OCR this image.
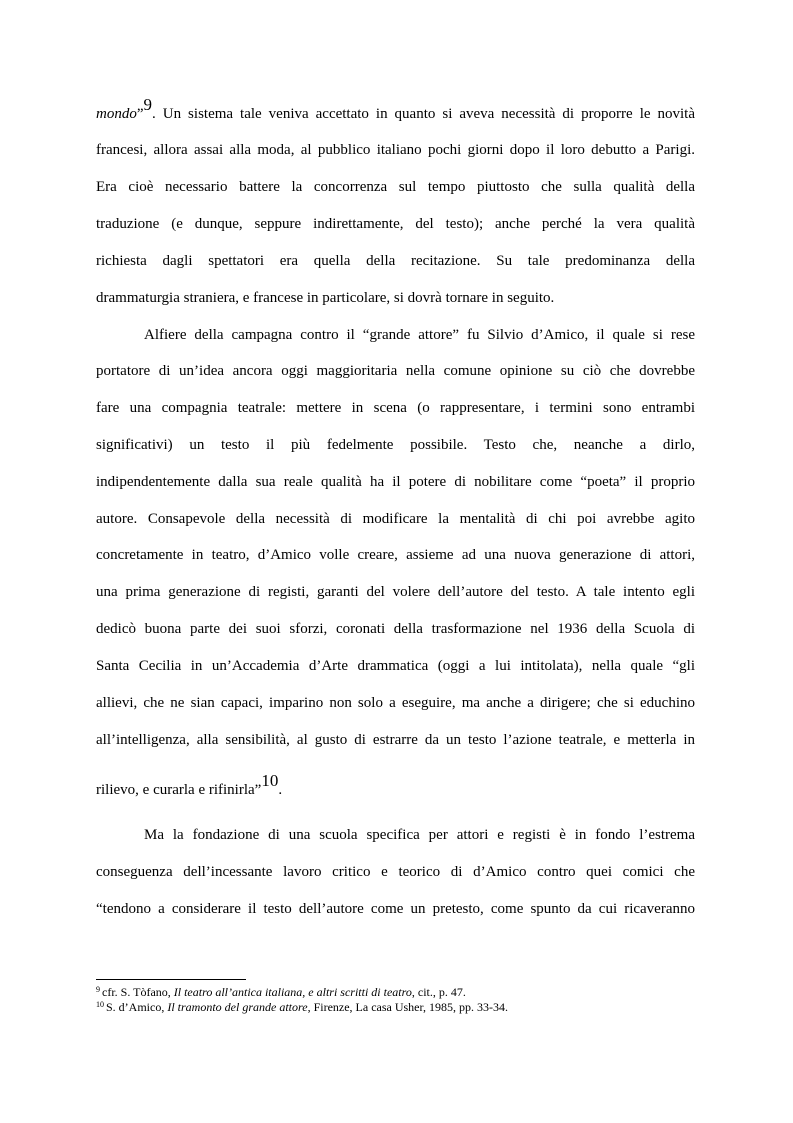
mondo”9. Un sistema tale veniva accettato in quanto si aveva necessità di proporre le novità
francesi, allora assai alla moda, al pubblico italiano pochi giorni dopo il loro debutto a Parigi.
Era cioè necessario battere la concorrenza sul tempo piuttosto che sulla qualità della
traduzione (e dunque, seppure indirettamente, del testo); anche perché la vera qualità
richiesta dagli spettatori era quella della recitazione. Su tale predominanza della
drammaturgia straniera, e francese in particolare, si dovrà tornare in seguito.
Alfiere della campagna contro il “grande attore” fu Silvio d’Amico, il quale si rese
portatore di un’idea ancora oggi maggioritaria nella comune opinione su ciò che dovrebbe
fare una compagnia teatrale: mettere in scena (o rappresentare, i termini sono entrambi
significativi) un testo il più fedelmente possibile. Testo che, neanche a dirlo,
indipendentemente dalla sua reale qualità ha il potere di nobilitare come “poeta” il proprio
autore. Consapevole della necessità di modificare la mentalità di chi poi avrebbe agito
concretamente in teatro, d’Amico volle creare, assieme ad una nuova generazione di attori,
una prima generazione di registi, garanti del volere dell’autore del testo. A tale intento egli
dedicò buona parte dei suoi sforzi, coronati della trasformazione nel 1936 della Scuola di
Santa Cecilia in un’Accademia d’Arte drammatica (oggi a lui intitolata), nella quale “gli
allievi, che ne sian capaci, imparino non solo a eseguire, ma anche a dirigere; che si educhino
all’intelligenza, alla sensibilità, al gusto di estrarre da un testo l’azione teatrale, e metterla in
rilievo, e curarla e rifinirla”10.
Ma la fondazione di una scuola specifica per attori e registi è in fondo l’estrema
conseguenza dell’incessante lavoro critico e teorico di d’Amico contro quei comici che
“tendono a considerare il testo dell’autore come un pretesto, come spunto da cui ricaveranno
$^9$ cfr. S. Tòfano, Il teatro all’antica italiana, e altri scritti di teatro, cit., p. 47.
$^{10}$ S. d’Amico, Il tramonto del grande attore, Firenze, La casa Usher, 1985, pp. 33-34.
